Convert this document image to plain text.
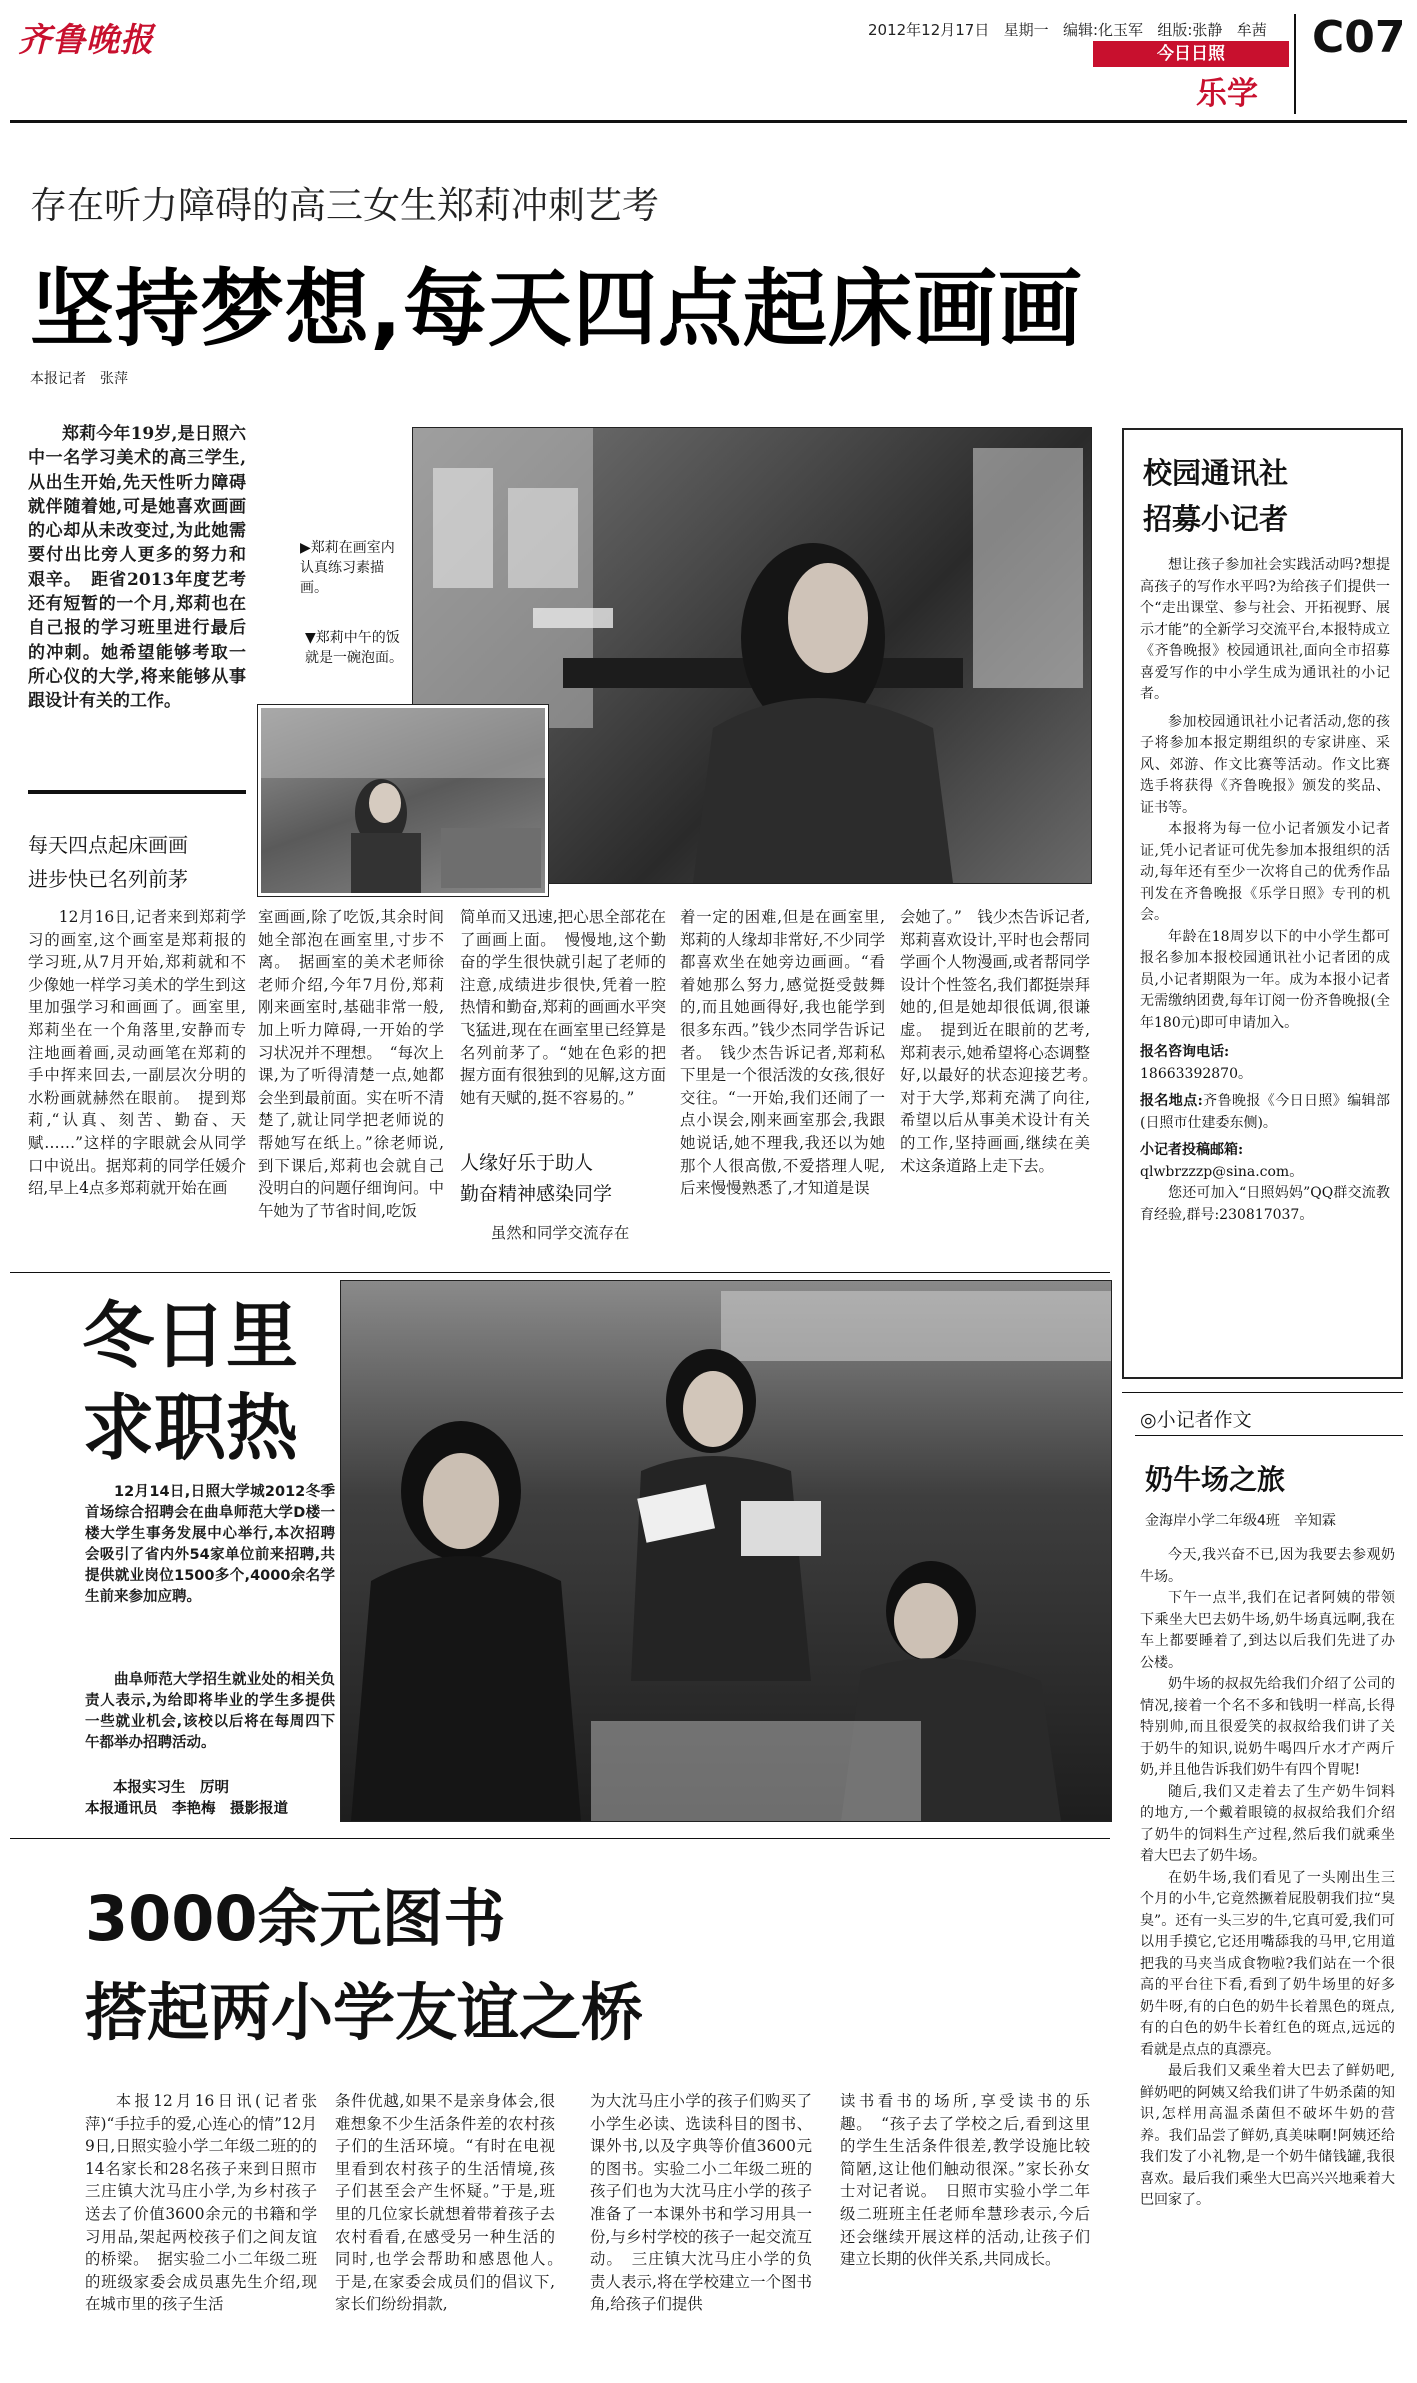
齐鲁晚报	2012年12月17日 星期一 编辑:化玉军 组版:张静 牟茜
今日日照
乐学
C07
存在听力障碍的高三女生郑莉冲刺艺考
坚持梦想,每天四点起床画画
本报记者　张萍

郑莉今年19岁,是日照六中一名学习美术的高三学生,从出生开始,先天性听力障碍就伴随着她,可是她喜欢画画的心却从未改变过,为此她需要付出比旁人更多的努力和艰辛。　距省2013年度艺考还有短暂的一个月,郑莉也在自己报的学习班里进行最后的冲刺。她希望能够考取一所心仪的大学,将来能够从事跟设计有关的工作。

▶郑莉在画室内认真练习素描画。
▼郑莉中午的饭就是一碗泡面。
每天四点起床画画
进步快已名列前茅

12月16日,记者来到郑莉学习的画室,这个画室是郑莉报的学习班,从7月开始,郑莉就和不少像她一样学习美术的学生到这里加强学习和画画了。画室里,郑莉坐在一个角落里,安静而专注地画着画,灵动画笔在郑莉的手中挥来回去,一副层次分明的水粉画就赫然在眼前。　提到郑莉,“认真、刻苦、勤奋、天赋……”这样的字眼就会从同学口中说出。据郑莉的同学任媛介绍,早上4点多郑莉就开始在画

室画画,除了吃饭,其余时间她全部泡在画室里,寸步不离。　据画室的美术老师徐老师介绍,今年7月份,郑莉刚来画室时,基础非常一般,加上听力障碍,一开始的学习状况并不理想。　“每次上课,为了听得清楚一点,她都会坐到最前面。实在听不清楚了,就让同学把老师说的帮她写在纸上。”徐老师说,到下课后,郑莉也会就自己没明白的问题仔细询问。中午她为了节省时间,吃饭

简单而又迅速,把心思全部花在了画画上面。　慢慢地,这个勤奋的学生很快就引起了老师的注意,成绩进步很快,凭着一腔热情和勤奋,郑莉的画画水平突飞猛进,现在在画室里已经算是名列前茅了。“她在色彩的把握方面有很独到的见解,这方面她有天赋的,挺不容易的。”

人缘好乐于助人
勤奋精神感染同学

虽然和同学交流存在

着一定的困难,但是在画室里,郑莉的人缘却非常好,不少同学都喜欢坐在她旁边画画。“看着她那么努力,感觉挺受鼓舞的,而且她画得好,我也能学到很多东西。”钱少杰同学告诉记者。　钱少杰告诉记者,郑莉私下里是一个很活泼的女孩,很好交往。“一开始,我们还闹了一点小误会,刚来画室那会,我跟她说话,她不理我,我还以为她那个人很高傲,不爱搭理人呢,后来慢慢熟悉了,才知道是误

会她了。”　钱少杰告诉记者,郑莉喜欢设计,平时也会帮同学画个人物漫画,或者帮同学设计个性签名,我们都挺崇拜她的,但是她却很低调,很谦虚。　提到近在眼前的艺考,郑莉表示,她希望将心态调整好,以最好的状态迎接艺考。　对于大学,郑莉充满了向往,希望以后从事美术设计有关的工作,坚持画画,继续在美术这条道路上走下去。

校园通讯社
招募小记者

想让孩子参加社会实践活动吗?想提高孩子的写作水平吗?为给孩子们提供一个“走出课堂、参与社会、开拓视野、展示才能”的全新学习交流平台,本报特成立《齐鲁晚报》校园通讯社,面向全市招募喜爱写作的中小学生成为通讯社的小记者。

参加校园通讯社小记者活动,您的孩子将参加本报定期组织的专家讲座、采风、郊游、作文比赛等活动。作文比赛选手将获得《齐鲁晚报》颁发的奖品、证书等。

本报将为每一位小记者颁发小记者证,凭小记者证可优先参加本报组织的活动,每年还有至少一次将自己的优秀作品刊发在齐鲁晚报《乐学日照》专刊的机会。

年龄在18周岁以下的中小学生都可报名参加本报校园通讯社小记者团的成员,小记者期限为一年。成为本报小记者无需缴纳团费,每年订阅一份齐鲁晚报(全年180元)即可申请加入。

报名咨询电话:

18663392870。

报名地点:齐鲁晚报《今日日照》编辑部(日照市仕建委东侧)。

小记者投稿邮箱:

qlwbrzzzp@sina.com。

您还可加入“日照妈妈”QQ群交流教育经验,群号:230817037。

◎小记者作文
奶牛场之旅
金海岸小学二年级4班　辛知霖

今天,我兴奋不已,因为我要去参观奶牛场。

下午一点半,我们在记者阿姨的带领下乘坐大巴去奶牛场,奶牛场真远啊,我在车上都要睡着了,到达以后我们先进了办公楼。

奶牛场的叔叔先给我们介绍了公司的情况,接着一个名不多和钱明一样高,长得特别帅,而且很爱笑的叔叔给我们讲了关于奶牛的知识,说奶牛喝四斤水才产两斤奶,并且他告诉我们奶牛有四个胃呢!

随后,我们又走着去了生产奶牛饲料的地方,一个戴着眼镜的叔叔给我们介绍了奶牛的饲料生产过程,然后我们就乘坐着大巴去了奶牛场。

在奶牛场,我们看见了一头刚出生三个月的小牛,它竟然撅着屁股朝我们拉“臭臭”。还有一头三岁的牛,它真可爱,我们可以用手摸它,它还用嘴舔我的马甲,它用道把我的马夹当成食物啦?我们站在一个很高的平台往下看,看到了奶牛场里的好多奶牛呀,有的白色的奶牛长着黑色的斑点,有的白色的奶牛长着红色的斑点,远远的看就是点点的真漂亮。

最后我们又乘坐着大巴去了鲜奶吧,鲜奶吧的阿姨又给我们讲了牛奶杀菌的知识,怎样用高温杀菌但不破坏牛奶的营养。我们品尝了鲜奶,真美味啊!阿姨还给我们发了小礼物,是一个奶牛储钱罐,我很喜欢。最后我们乘坐大巴高兴兴地乘着大巴回家了。

冬日里
求职热

12月14日,日照大学城2012冬季首场综合招聘会在曲阜师范大学D楼一楼大学生事务发展中心举行,本次招聘会吸引了省内外54家单位前来招聘,共提供就业岗位1500多个,4000余名学生前来参加应聘。

曲阜师范大学招生就业处的相关负责人表示,为给即将毕业的学生多提供一些就业机会,该校以后将在每周四下午都举办招聘活动。

本报实习生　厉明
本报通讯员　李艳梅　摄影报道
3000余元图书
搭起两小学友谊之桥

本报12月16日讯(记者张萍)“手拉手的爱,心连心的情”12月9日,日照实验小学二年级二班的的14名家长和28名孩子来到日照市三庄镇大沈马庄小学,为乡村孩子送去了价值3600余元的书籍和学习用品,架起两校孩子们之间友谊的桥梁。　据实验二小二年级二班的班级家委会成员惠先生介绍,现在城市里的孩子生活

条件优越,如果不是亲身体会,很难想象不少生活条件差的农村孩子们的生活环境。“有时在电视里看到农村孩子的生活情境,孩子们甚至会产生怀疑。”于是,班里的几位家长就想着带着孩子去农村看看,在感受另一种生活的同时,也学会帮助和感恩他人。　于是,在家委会成员们的倡议下,家长们纷纷捐款,

为大沈马庄小学的孩子们购买了小学生必读、选读科目的图书、课外书,以及字典等价值3600元的图书。实验二小二年级二班的孩子们也为大沈马庄小学的孩子准备了一本课外书和学习用具一份,与乡村学校的孩子一起交流互动。　三庄镇大沈马庄小学的负责人表示,将在学校建立一个图书角,给孩子们提供

读书看书的场所,享受读书的乐趣。　“孩子去了学校之后,看到这里的学生生活条件很差,教学设施比较简陋,这让他们触动很深。”家长孙女士对记者说。　日照市实验小学二年级二班班主任老师牟慧珍表示,今后还会继续开展这样的活动,让孩子们建立长期的伙伴关系,共同成长。
